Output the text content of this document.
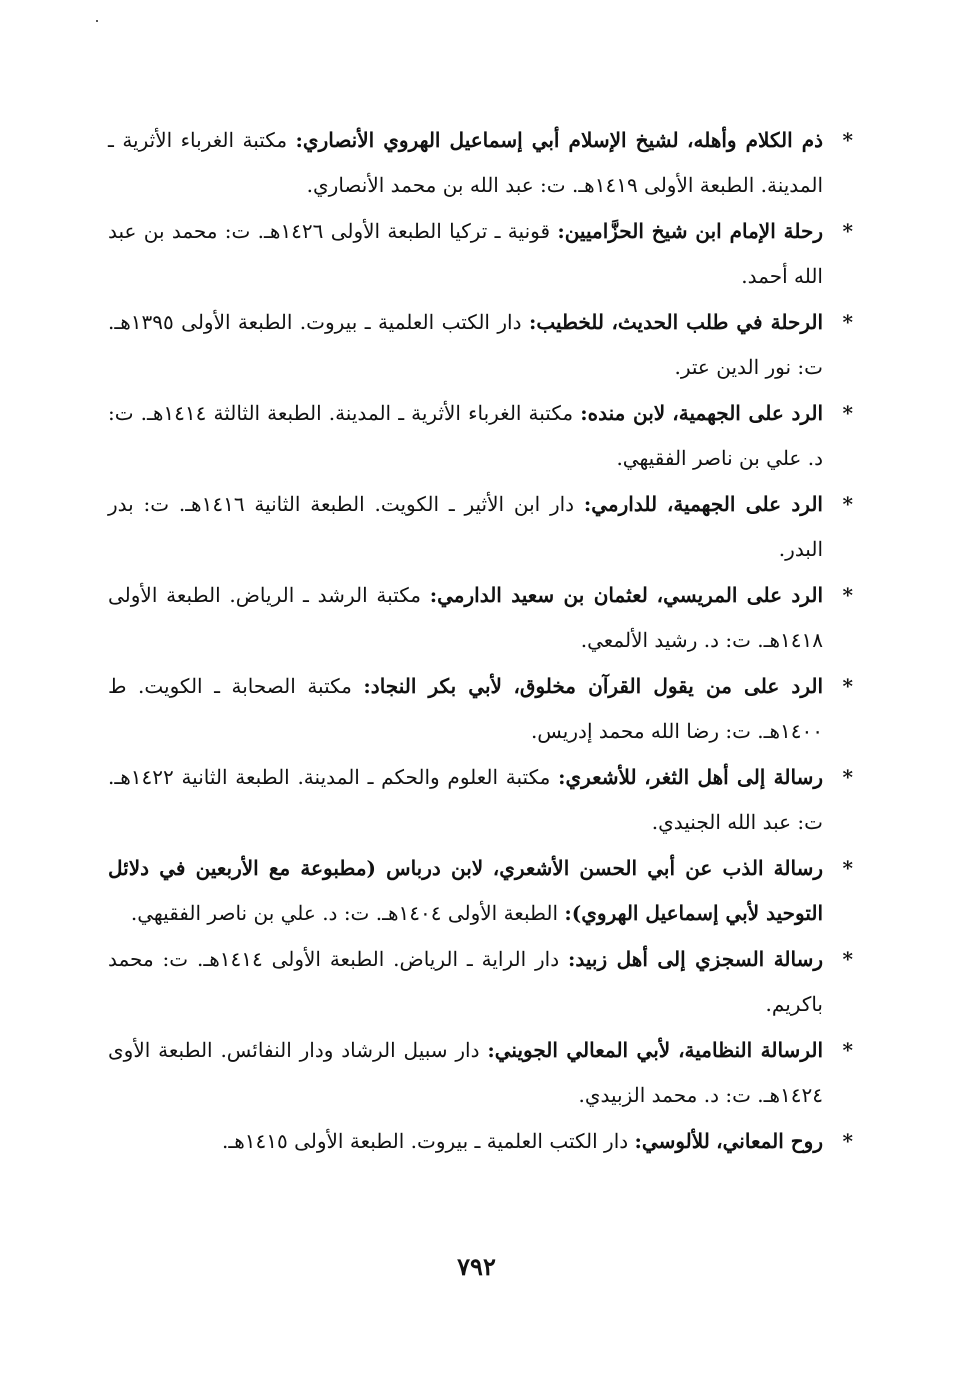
*
ذم الكلام وأهله، لشيخ الإسلام أبي إسماعيل الهروي الأنصاري: مكتبة الغرباء الأثرية ـ المدينة. الطبعة الأولى ١٤١٩هـ. ت: عبد الله بن محمد الأنصاري.
*
رحلة الإمام ابن شيخ الحزَّاميين: قونية ـ تركيا الطبعة الأولى ١٤٢٦هـ. ت: محمد بن عبد الله أحمد.
*
الرحلة في طلب الحديث، للخطيب: دار الكتب العلمية ـ بيروت. الطبعة الأولى ١٣٩٥هـ. ت: نور الدين عتر.
*
الرد على الجهمية، لابن منده: مكتبة الغرباء الأثرية ـ المدينة. الطبعة الثالثة ١٤١٤هـ. ت: د. علي بن ناصر الفقيهي.
*
الرد على الجهمية، للدارمي: دار ابن الأثير ـ الكويت. الطبعة الثانية ١٤١٦هـ. ت: بدر البدر.
*
الرد على المريسي، لعثمان بن سعيد الدارمي: مكتبة الرشد ـ الرياض. الطبعة الأولى ١٤١٨هـ. ت: د. رشيد الألمعي.
*
الرد على من يقول القرآن مخلوق، لأبي بكر النجاد: مكتبة الصحابة ـ الكويت. ط ١٤٠٠هـ. ت: رضا الله محمد إدريس.
*
رسالة إلى أهل الثغر، للأشعري: مكتبة العلوم والحكم ـ المدينة. الطبعة الثانية ١٤٢٢هـ. ت: عبد الله الجنيدي.
*
رسالة الذب عن أبي الحسن الأشعري، لابن درباس (مطبوعة مع الأربعين في دلائل التوحيد لأبي إسماعيل الهروي): الطبعة الأولى ١٤٠٤هـ. ت: د. علي بن ناصر الفقيهي.
*
رسالة السجزي إلى أهل زبيد: دار الراية ـ الرياض. الطبعة الأولى ١٤١٤هـ. ت: محمد باكريم.
*
الرسالة النظامية، لأبي المعالي الجويني: دار سبيل الرشاد ودار النفائس. الطبعة الأوى ١٤٢٤هـ. ت: د. محمد الزبيدي.
*
روح المعاني، للألوسي: دار الكتب العلمية ـ بيروت. الطبعة الأولى ١٤١٥هـ.
٧٩٢
